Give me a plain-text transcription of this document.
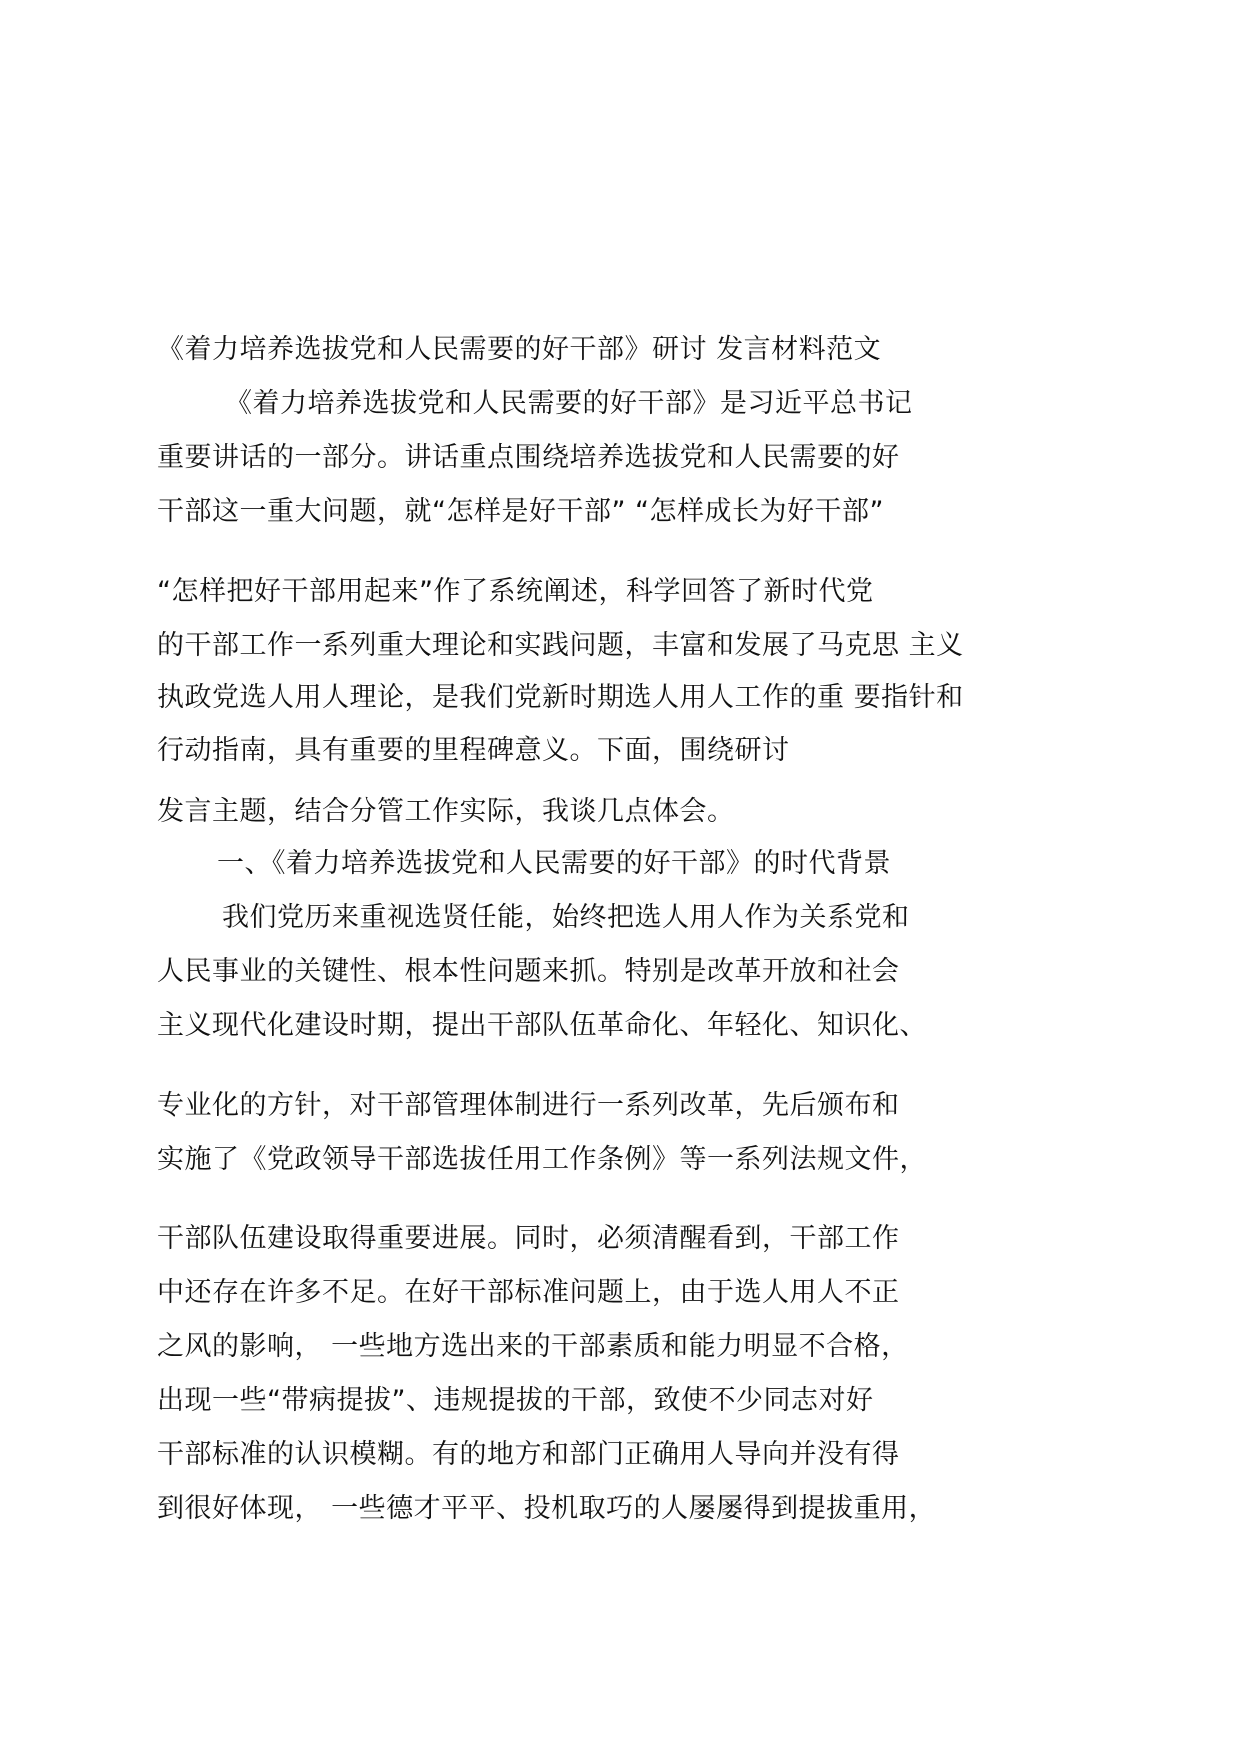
《着力培养选拔党和人民需要的好干部》研讨 发言材料范文
《着力培养选拔党和人民需要的好干部》是习近平总书记
重要讲话的一部分。讲话重点围绕培养选拔党和人民需要的好
干部这一重大问题，就“怎样是好干部” “怎样成长为好干部”
“怎样把好干部用起来”作了系统阐述，科学回答了新时代党
的干部工作一系列重大理论和实践问题，丰富和发展了马克思 主义
执政党选人用人理论，是我们党新时期选人用人工作的重 要指针和
行动指南，具有重要的里程碑意义。下面，围绕研讨
发言主题，结合分管工作实际，我谈几点体会。
一、《着力培养选拔党和人民需要的好干部》的时代背景
我们党历来重视选贤任能，始终把选人用人作为关系党和
人民事业的关键性、根本性问题来抓。特别是改革开放和社会
主义现代化建设时期，提出干部队伍革命化、年轻化、知识化、
专业化的方针，对干部管理体制进行一系列改革，先后颁布和
实施了《党政领导干部选拔任用工作条例》等一系列法规文件，
干部队伍建设取得重要进展。同时，必须清醒看到，干部工作
中还存在许多不足。在好干部标准问题上，由于选人用人不正
之风的影响， 一些地方选出来的干部素质和能力明显不合格，
出现一些“带病提拔”、违规提拔的干部，致使不少同志对好
干部标准的认识模糊。有的地方和部门正确用人导向并没有得
到很好体现， 一些德才平平、投机取巧的人屡屡得到提拔重用，
